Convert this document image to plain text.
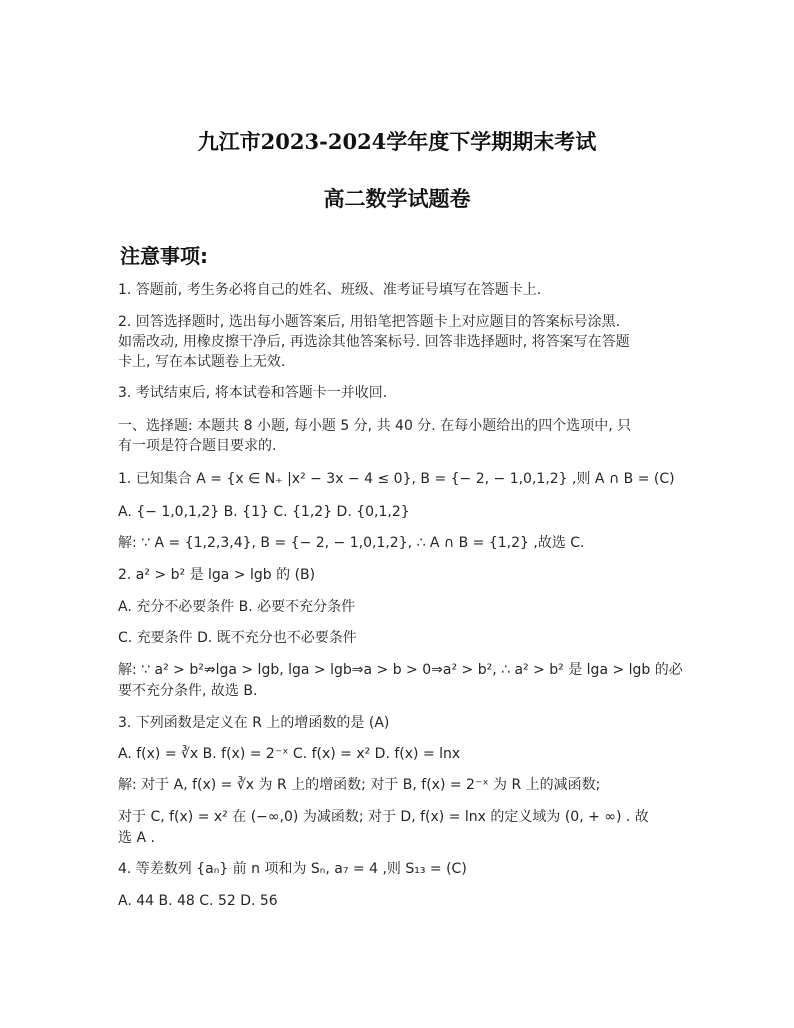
九江市2023-2024学年度下学期期末考试
高二数学试题卷
注意事项:
1. 答题前, 考生务必将自己的姓名、班级、准考证号填写在答题卡上.
2. 回答选择题时, 选出每小题答案后, 用铅笔把答题卡上对应题目的答案标号涂黑.
如需改动, 用橡皮擦干净后, 再选涂其他答案标号. 回答非选择题时, 将答案写在答题
卡上, 写在本试题卷上无效.
3. 考试结束后, 将本试卷和答题卡一并收回.
一、选择题: 本题共 8 小题, 每小题 5 分, 共 40 分. 在每小题给出的四个选项中, 只
有一项是符合题目要求的.
1. 已知集合 A = {x ∈ N₊ |x² − 3x − 4 ≤ 0}, B = {− 2, − 1,0,1,2} ,则 A ∩ B = (C)
A. {− 1,0,1,2} B. {1} C. {1,2} D. {0,1,2}
解: ∵ A = {1,2,3,4}, B = {− 2, − 1,0,1,2}, ∴ A ∩ B = {1,2} ,故选 C.
2. a² > b² 是 lga > lgb 的 (B)
A. 充分不必要条件 B. 必要不充分条件
C. 充要条件 D. 既不充分也不必要条件
解: ∵ a² > b²⇏lga > lgb, lga > lgb⇒a > b > 0⇒a² > b², ∴ a² > b² 是 lga > lgb 的必
要不充分条件, 故选 B.
3. 下列函数是定义在 R 上的增函数的是 (A)
A. f(x) = ∛x B. f(x) = 2⁻ˣ C. f(x) = x² D. f(x) = lnx
解: 对于 A, f(x) = ∛x 为 R 上的增函数; 对于 B, f(x) = 2⁻ˣ 为 R 上的减函数;
对于 C, f(x) = x² 在 (−∞,0) 为减函数; 对于 D, f(x) = lnx 的定义域为 (0, + ∞) . 故
选 A .
4. 等差数列 {aₙ} 前 n 项和为 Sₙ, a₇ = 4 ,则 S₁₃ = (C)
A. 44 B. 48 C. 52 D. 56
